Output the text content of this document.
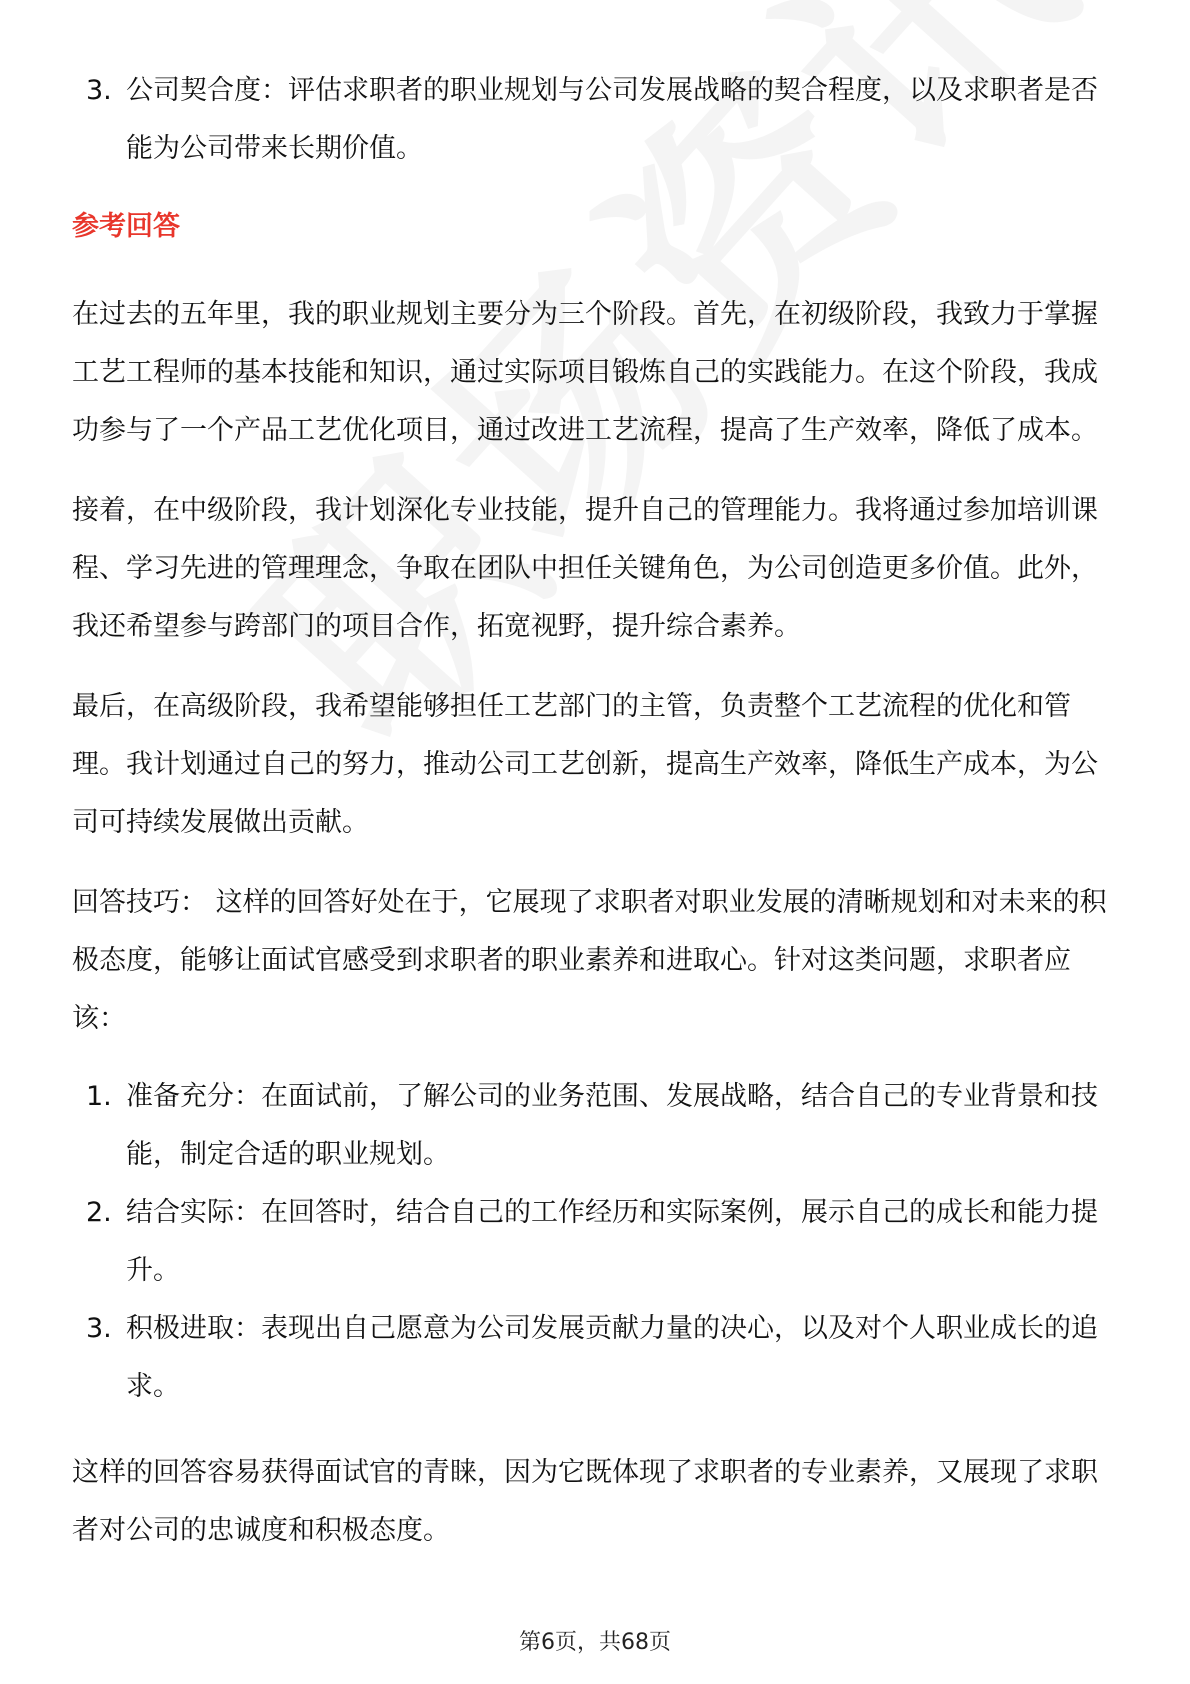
3. 公司契合度：评估求职者的职业规划与公司发展战略的契合程度，以及求职者是否能为公司带来长期价值。
参考回答
在过去的五年里，我的职业规划主要分为三个阶段。首先，在初级阶段，我致力于掌握工艺工程师的基本技能和知识，通过实际项目锻炼自己的实践能力。在这个阶段，我成功参与了一个产品工艺优化项目，通过改进工艺流程，提高了生产效率，降低了成本。
接着，在中级阶段，我计划深化专业技能，提升自己的管理能力。我将通过参加培训课程、学习先进的管理理念，争取在团队中担任关键角色，为公司创造更多价值。此外，我还希望参与跨部门的项目合作，拓宽视野，提升综合素养。
最后，在高级阶段，我希望能够担任工艺部门的主管，负责整个工艺流程的优化和管理。我计划通过自己的努力，推动公司工艺创新，提高生产效率，降低生产成本，为公司可持续发展做出贡献。
回答技巧： 这样的回答好处在于，它展现了求职者对职业发展的清晰规划和对未来的积极态度，能够让面试官感受到求职者的职业素养和进取心。针对这类问题，求职者应该：
1. 准备充分：在面试前，了解公司的业务范围、发展战略，结合自己的专业背景和技能，制定合适的职业规划。
2. 结合实际：在回答时，结合自己的工作经历和实际案例，展示自己的成长和能力提升。
3. 积极进取：表现出自己愿意为公司发展贡献力量的决心，以及对个人职业成长的追求。
这样的回答容易获得面试官的青睐，因为它既体现了求职者的专业素养，又展现了求职者对公司的忠诚度和积极态度。
第6页，共68页
